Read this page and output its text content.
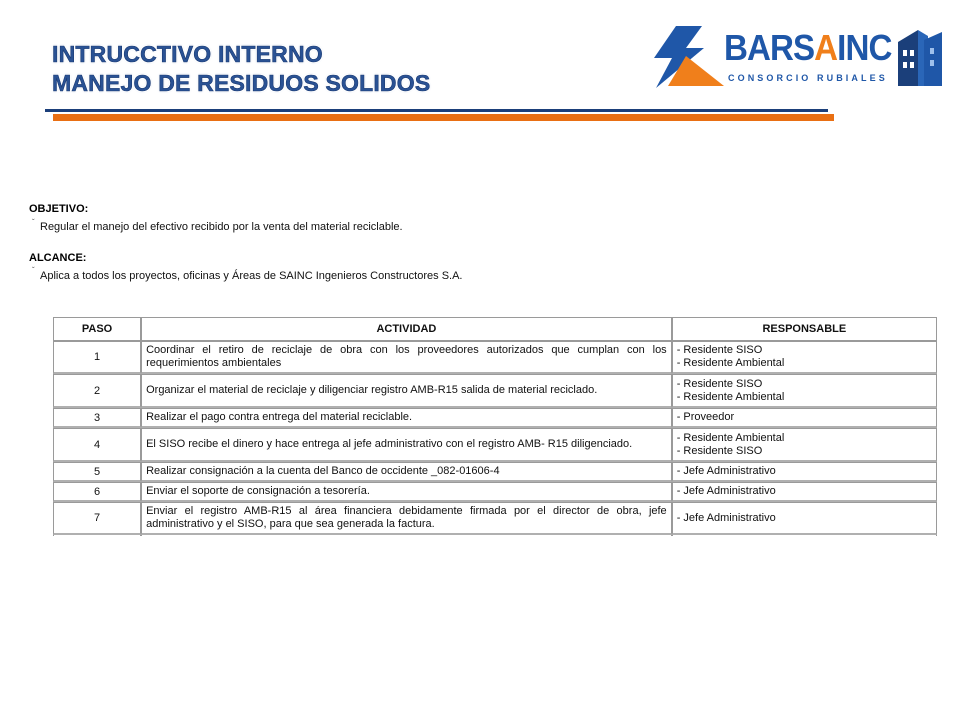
INTRUCCTIVO INTERNO
MANEJO DE RESIDUOS SOLIDOS
BARSAINC
CONSORCIO RUBIALES
OBJETIVO:
ˇ Regular el manejo del efectivo recibido por la venta del material reciclable.
ALCANCE:
ˇ Aplica a todos los proyectos, oficinas y Áreas de SAINC Ingenieros Constructores S.A.
PASO	ACTIVIDAD	RESPONSABLE
1	Coordinar el retiro de reciclaje de obra con los proveedores autorizados que cumplan con los requerimientos ambientales	- Residente SISO
- Residente Ambiental

2	Organizar el material de reciclaje y diligenciar registro AMB-R15 salida de material reciclado.	- Residente SISO
- Residente Ambiental

3	Realizar el pago contra entrega del material reciclable.	- Proveedor

4	El SISO recibe el dinero y hace entrega al jefe administrativo con el registro AMB- R15 diligenciado.	- Residente Ambiental
- Residente SISO

5	Realizar consignación a la cuenta del Banco de occidente _082-01606-4	- Jefe Administrativo

6	Enviar el soporte de consignación a tesorería.	- Jefe Administrativo

7	Enviar el registro AMB-R15 al área financiera debidamente firmada por el director de obra, jefe administrativo y el SISO, para que sea generada la factura.	- Jefe Administrativo
